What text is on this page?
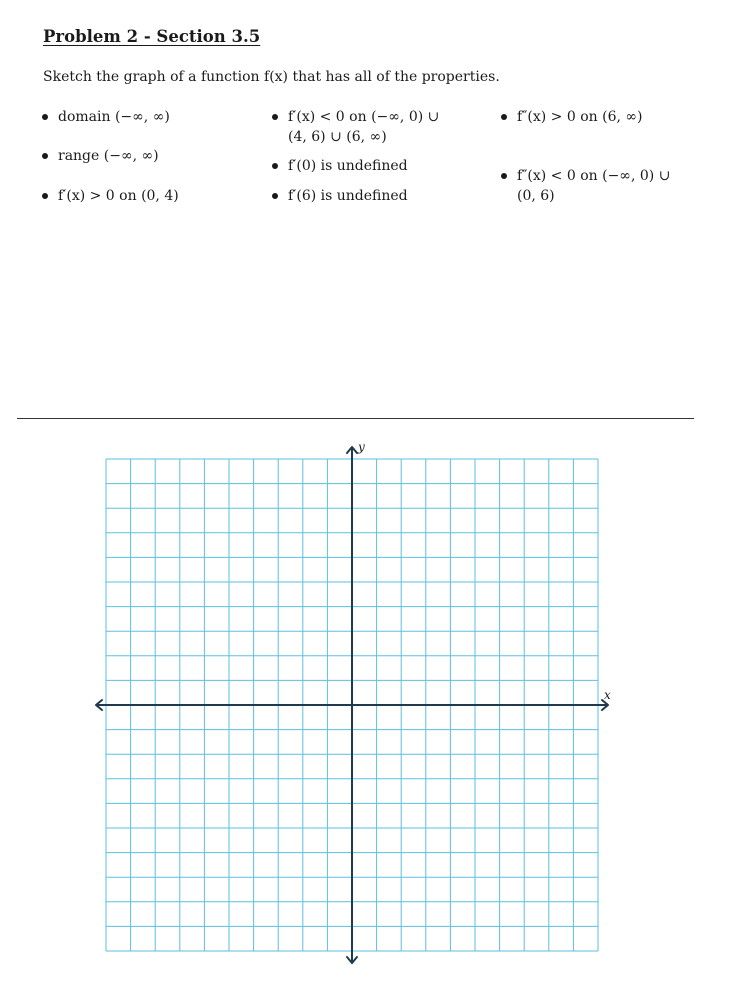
Problem 2 - Section 3.5

Sketch the graph of a function f(x) that has all of the properties.

domain (−∞, ∞)
range (−∞, ∞)
f′(x) > 0 on (0, 4)
f′(x) < 0 on (−∞, 0) ∪
(4, 6) ∪ (6, ∞)
f′(0) is undefined
f′(6) is undefined
f″(x) > 0 on (6, ∞)
f″(x) < 0 on (−∞, 0) ∪
(0, 6)
x
y
